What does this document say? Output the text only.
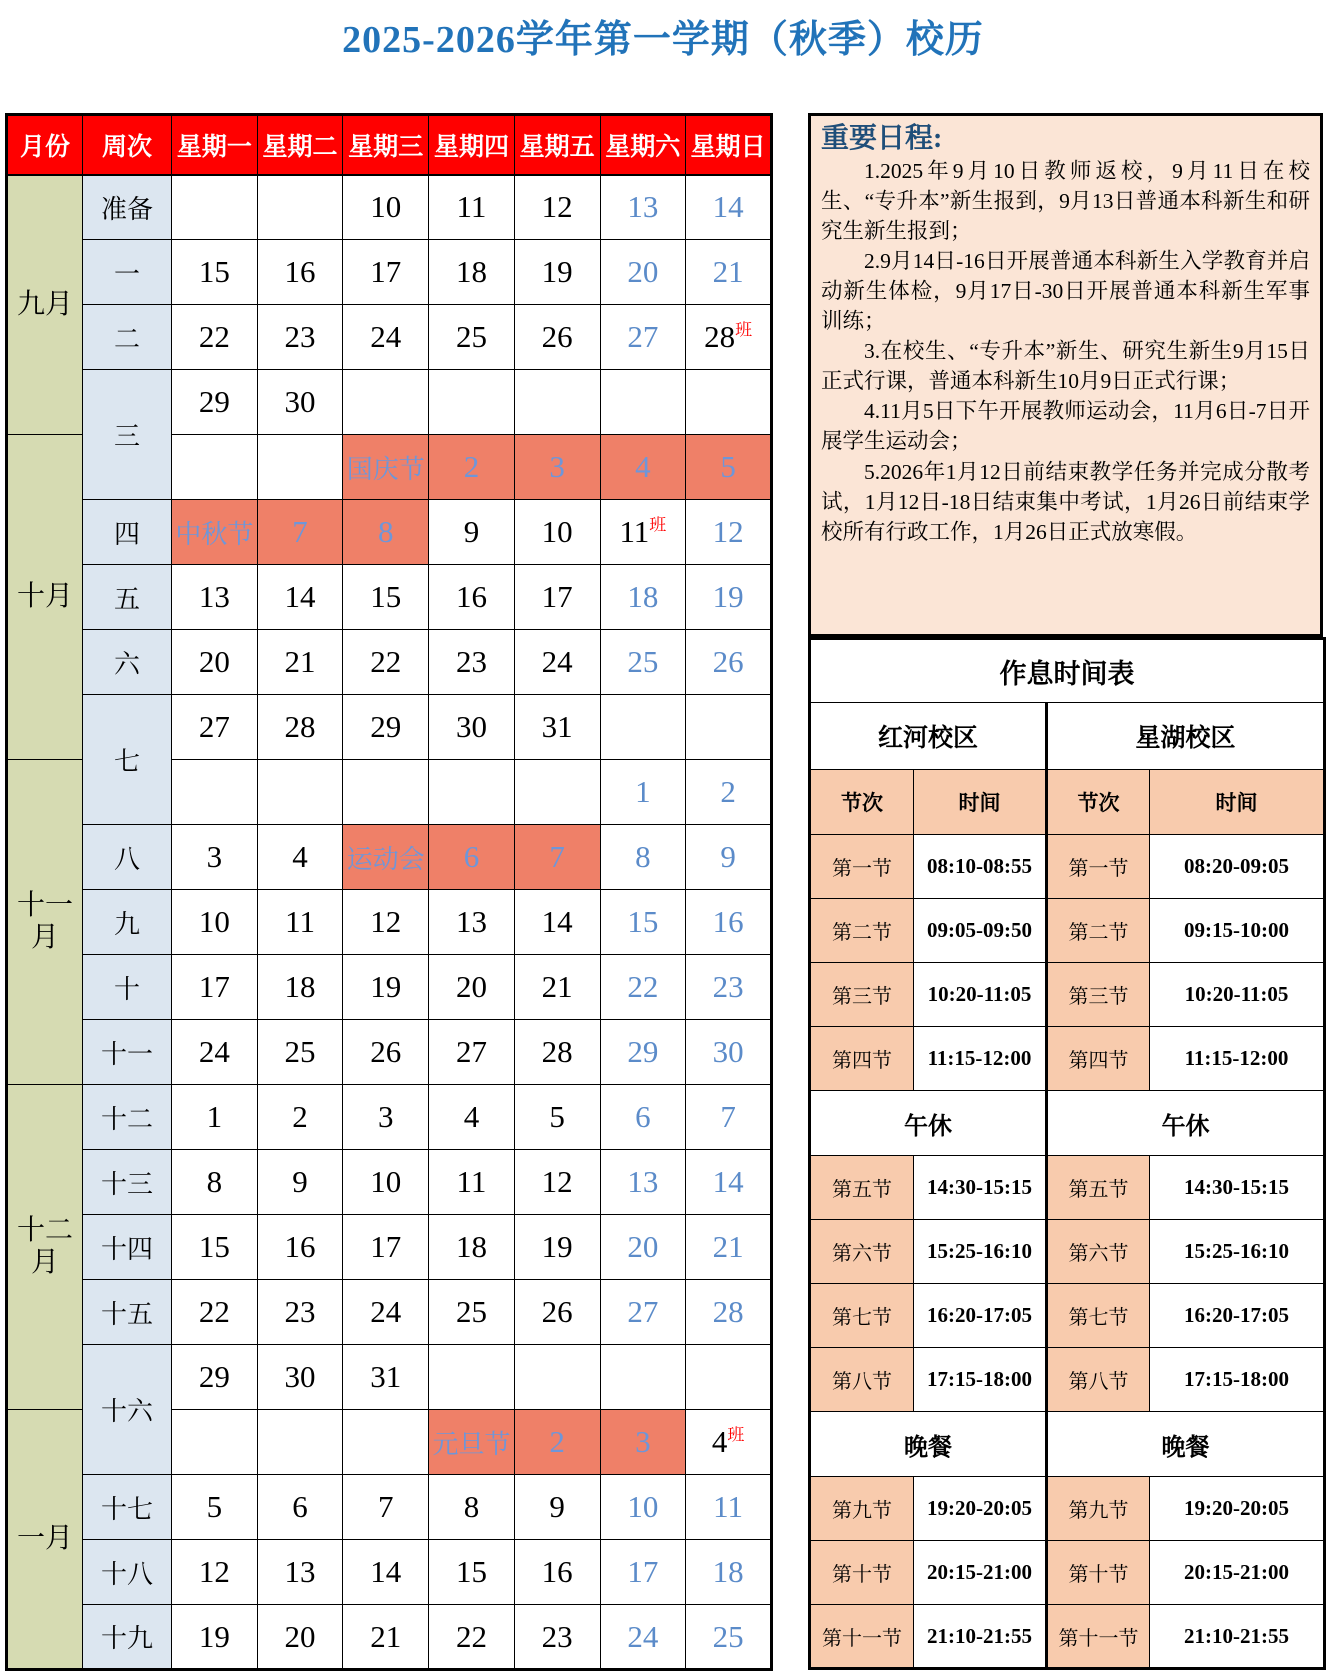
2025-2026学年第一学期（秋季）校历
月份	周次	星期一	星期二	星期三	星期四	星期五	星期六	星期日
九月	准备			10	11	12	13	14
	一	15	16	17	18	19	20	21
	二	22	23	24	25	26	27	$28^班$
	三	29	30					
十月				国庆节	2	3	4	5
	四	中秋节	7	8	9	10	$11^班$	12
	五	13	14	15	16	17	18	19
	六	20	21	22	23	24	25	26
	七	27	28	29	30	31		
十一月							1	2
	八	3	4	运动会	6	7	8	9
	九	10	11	12	13	14	15	16
	十	17	18	19	20	21	22	23
	十一	24	25	26	27	28	29	30
十二月	十二	1	2	3	4	5	6	7
	十三	8	9	10	11	12	13	14
	十四	15	16	17	18	19	20	21
	十五	22	23	24	25	26	27	28
	十六	29	30	31				
一月					元旦节	2	3	$4^班$
	十七	5	6	7	8	9	10	11
	十八	12	13	14	15	16	17	18
	十九	19	20	21	22	23	24	25
重要日程:

1.2025年9月10日教师返校，9月11日在校生、“专升本”新生报到，9月13日普通本科新生和研究生新生报到；

2.9月14日-16日开展普通本科新生入学教育并启动新生体检，9月17日-30日开展普通本科新生军事训练；

3.在校生、“专升本”新生、研究生新生9月15日正式行课，普通本科新生10月9日正式行课；

4.11月5日下午开展教师运动会，11月6日-7日开展学生运动会；

5.2026年1月12日前结束教学任务并完成分散考试，1月12日-18日结束集中考试，1月26日前结束学校所有行政工作，1月26日正式放寒假。

作息时间表			
红河校区		星湖校区	
节次	时间	节次	时间
第一节	08:10-08:55	第一节	08:20-09:05
第二节	09:05-09:50	第二节	09:15-10:00
第三节	10:20-11:05	第三节	10:20-11:05
第四节	11:15-12:00	第四节	11:15-12:00
午休		午休	
第五节	14:30-15:15	第五节	14:30-15:15
第六节	15:25-16:10	第六节	15:25-16:10
第七节	16:20-17:05	第七节	16:20-17:05
第八节	17:15-18:00	第八节	17:15-18:00
晚餐		晚餐	
第九节	19:20-20:05	第九节	19:20-20:05
第十节	20:15-21:00	第十节	20:15-21:00
第十一节	21:10-21:55	第十一节	21:10-21:55
